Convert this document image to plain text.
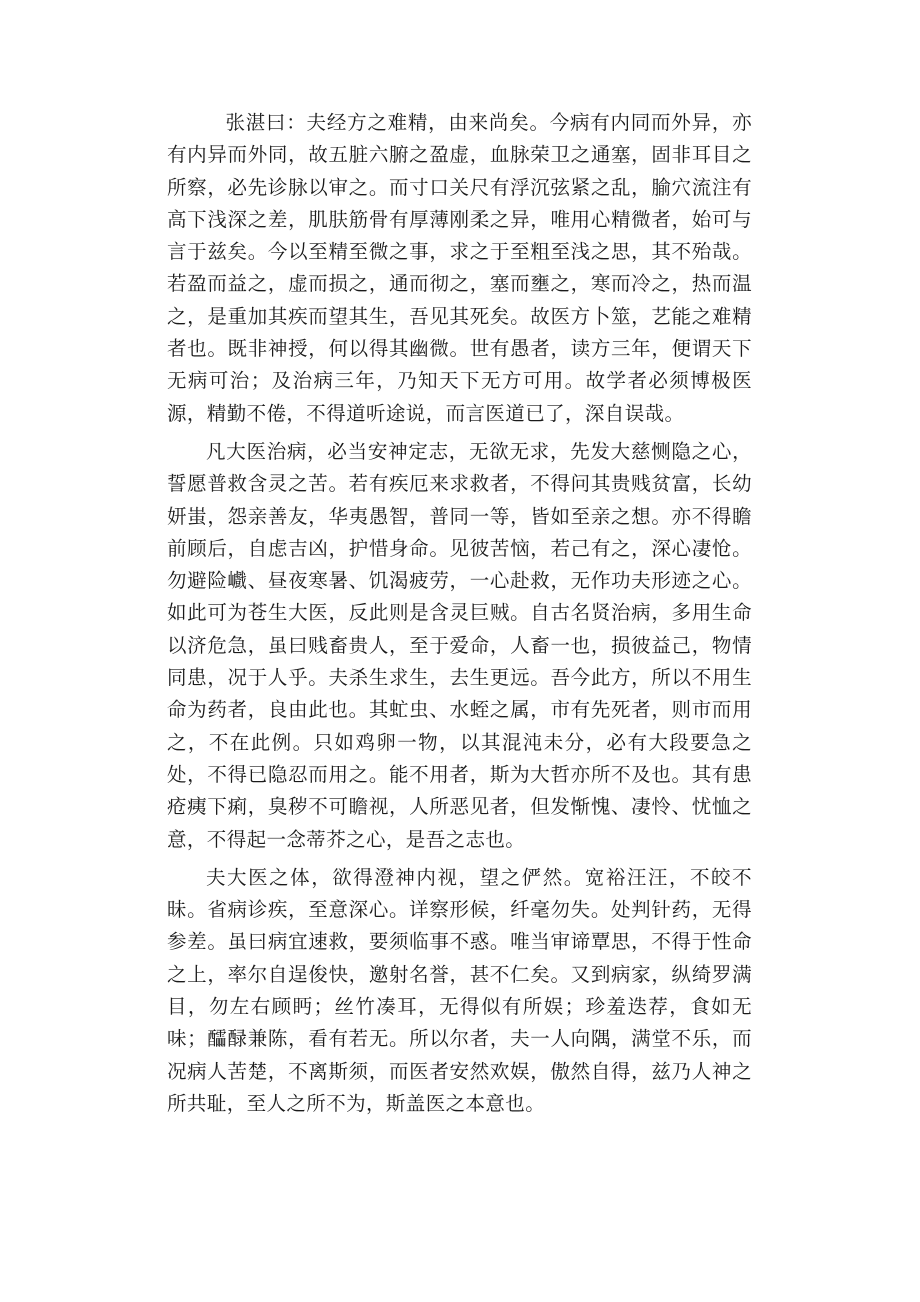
张湛曰：夫经方之难精，由来尚矣。今病有内同而外异，亦有内异而外同，故五脏六腑之盈虚，血脉荣卫之通塞，固非耳目之所察，必先诊脉以审之。而寸口关尺有浮沉弦紧之乱，腧穴流注有高下浅深之差，肌肤筋骨有厚薄刚柔之异，唯用心精微者，始可与言于兹矣。今以至精至微之事，求之于至粗至浅之思，其不殆哉。若盈而益之，虚而损之，通而彻之，塞而壅之，寒而冷之，热而温之，是重加其疾而望其生，吾见其死矣。故医方卜筮，艺能之难精者也。既非神授，何以得其幽微。世有愚者，读方三年，便谓天下无病可治；及治病三年，乃知天下无方可用。故学者必须博极医源，精勤不倦，不得道听途说，而言医道已了，深自误哉。

凡大医治病，必当安神定志，无欲无求，先发大慈恻隐之心，誓愿普救含灵之苦。若有疾厄来求救者，不得问其贵贱贫富，长幼妍蚩，怨亲善友，华夷愚智，普同一等，皆如至亲之想。亦不得瞻前顾后，自虑吉凶，护惜身命。见彼苦恼，若己有之，深心凄怆。勿避险巇、昼夜寒暑、饥渴疲劳，一心赴救，无作功夫形迹之心。如此可为苍生大医，反此则是含灵巨贼。自古名贤治病，多用生命以济危急，虽曰贱畜贵人，至于爱命，人畜一也，损彼益己，物情同患，况于人乎。夫杀生求生，去生更远。吾今此方，所以不用生命为药者，良由此也。其虻虫、水蛭之属，市有先死者，则市而用之，不在此例。只如鸡卵一物，以其混沌未分，必有大段要急之处，不得已隐忍而用之。能不用者，斯为大哲亦所不及也。其有患疮痍下痢，臭秽不可瞻视，人所恶见者，但发惭愧、凄怜、忧恤之意，不得起一念蒂芥之心，是吾之志也。

夫大医之体，欲得澄神内视，望之俨然。宽裕汪汪，不皎不昧。省病诊疾，至意深心。详察形候，纤毫勿失。处判针药，无得参差。虽曰病宜速救，要须临事不惑。唯当审谛覃思，不得于性命之上，率尔自逞俊快，邀射名誉，甚不仁矣。又到病家，纵绮罗满目，勿左右顾眄；丝竹凑耳，无得似有所娱；珍羞迭荐，食如无味；醽醁兼陈，看有若无。所以尔者，夫一人向隅，满堂不乐，而况病人苦楚，不离斯须，而医者安然欢娱，傲然自得，兹乃人神之所共耻，至人之所不为，斯盖医之本意也。
